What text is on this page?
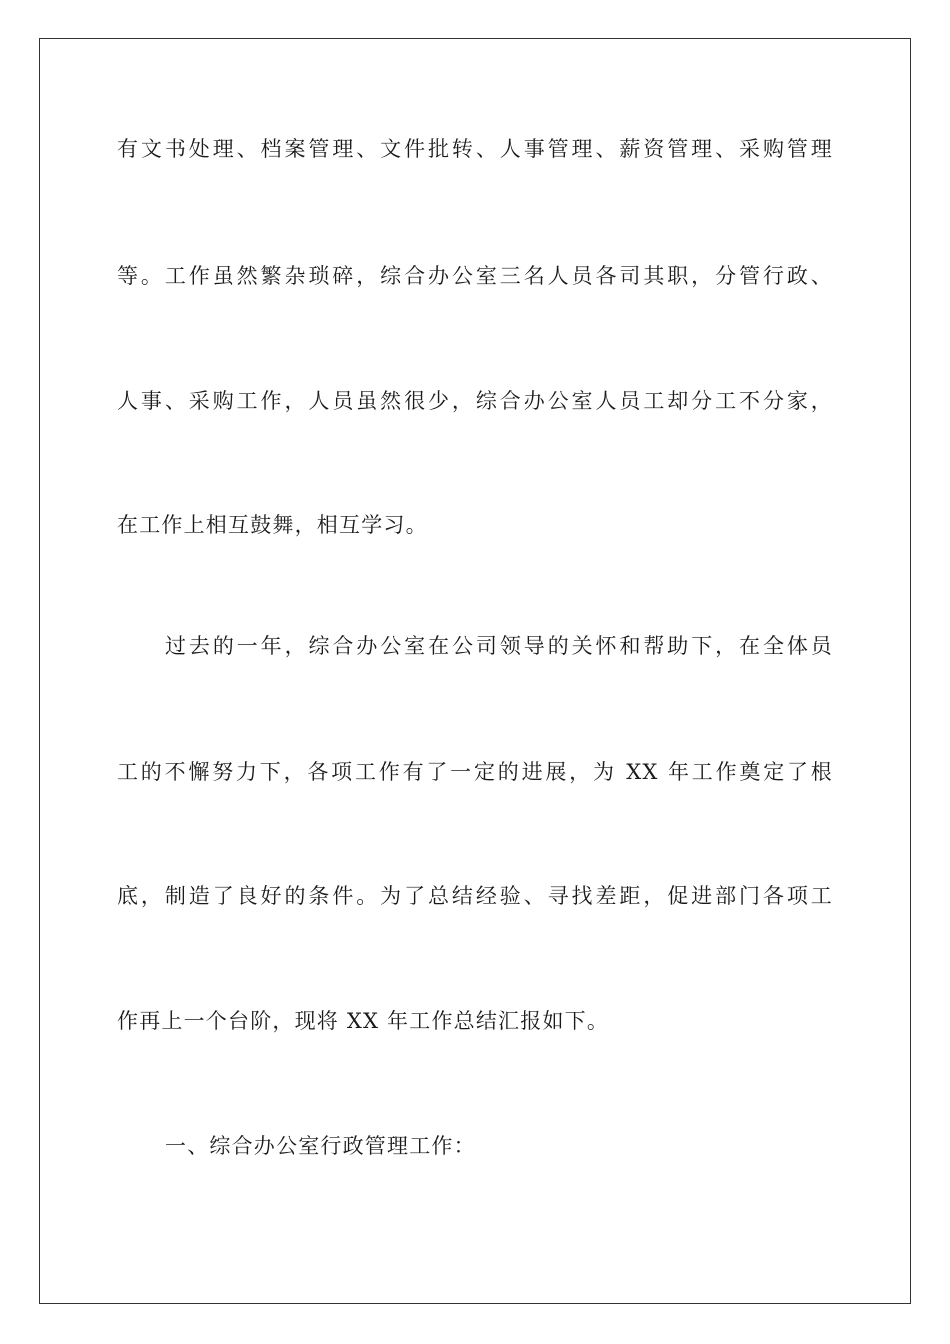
有文书处理、档案管理、文件批转、人事管理、薪资管理、采购管理
等。工作虽然繁杂琐碎，综合办公室三名人员各司其职，分管行政、
人事、采购工作，人员虽然很少，综合办公室人员工却分工不分家，
在工作上相互鼓舞，相互学习。
过去的一年，综合办公室在公司领导的关怀和帮助下，在全体员
工的不懈努力下，各项工作有了一定的进展，为 XX 年工作奠定了根
底，制造了良好的条件。为了总结经验、寻找差距，促进部门各项工
作再上一个台阶，现将 XX 年工作总结汇报如下。
一、综合办公室行政管理工作：
